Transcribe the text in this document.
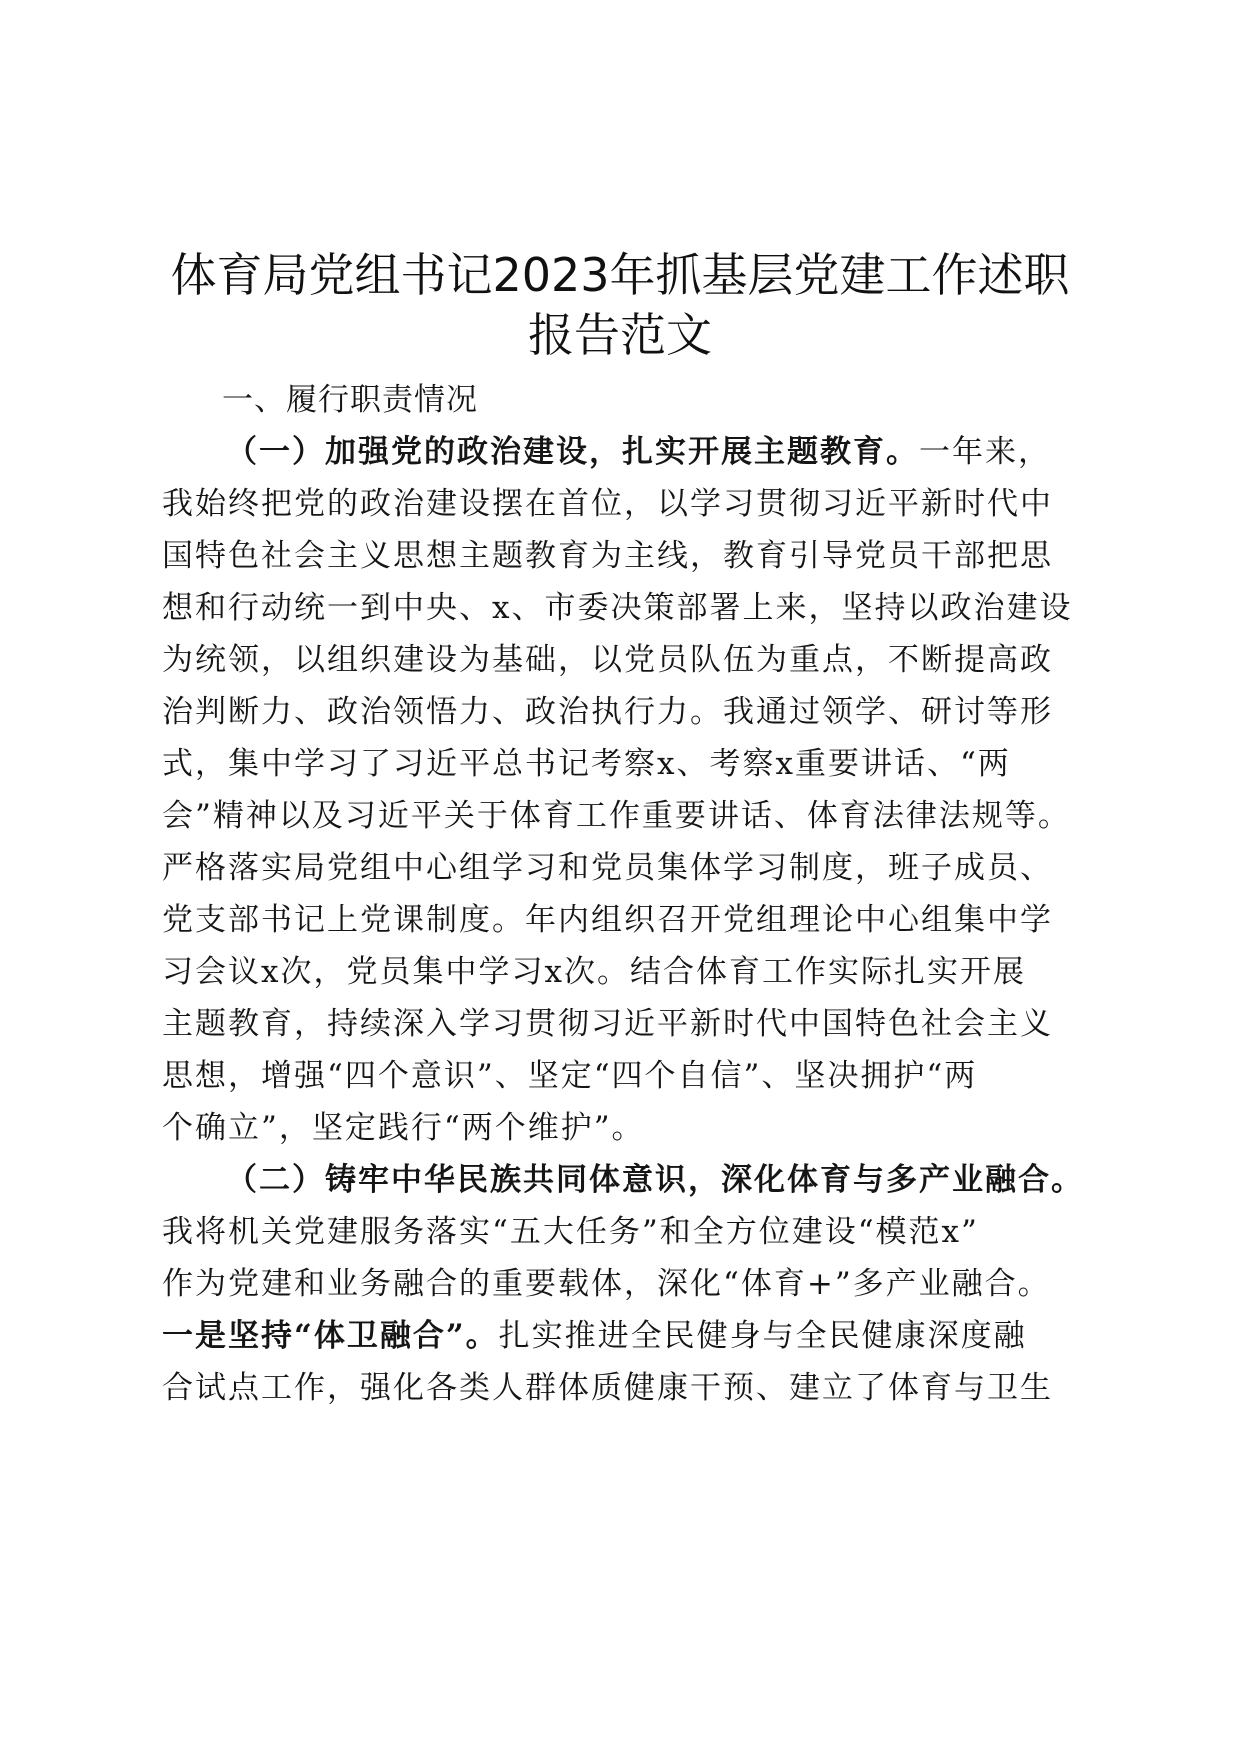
体育局党组书记2023年抓基层党建工作述职
报告范文
一、履行职责情况
（一）加强党的政治建设，扎实开展主题教育。一年来，
我始终把党的政治建设摆在首位，以学习贯彻习近平新时代中
国特色社会主义思想主题教育为主线，教育引导党员干部把思
想和行动统一到中央、x、市委决策部署上来，坚持以政治建设
为统领，以组织建设为基础，以党员队伍为重点，不断提高政
治判断力、政治领悟力、政治执行力。我通过领学、研讨等形
式，集中学习了习近平总书记考察x、考察x重要讲话、“两
会”精神以及习近平关于体育工作重要讲话、体育法律法规等。
严格落实局党组中心组学习和党员集体学习制度，班子成员、
党支部书记上党课制度。年内组织召开党组理论中心组集中学
习会议x次，党员集中学习x次。结合体育工作实际扎实开展
主题教育，持续深入学习贯彻习近平新时代中国特色社会主义
思想，增强“四个意识”、坚定“四个自信”、坚决拥护“两
个确立”，坚定践行“两个维护”。
（二）铸牢中华民族共同体意识，深化体育与多产业融合。
我将机关党建服务落实“五大任务”和全方位建设“模范x”
作为党建和业务融合的重要载体，深化“体育+”多产业融合。
一是坚持“体卫融合”。扎实推进全民健身与全民健康深度融
合试点工作，强化各类人群体质健康干预、建立了体育与卫生
